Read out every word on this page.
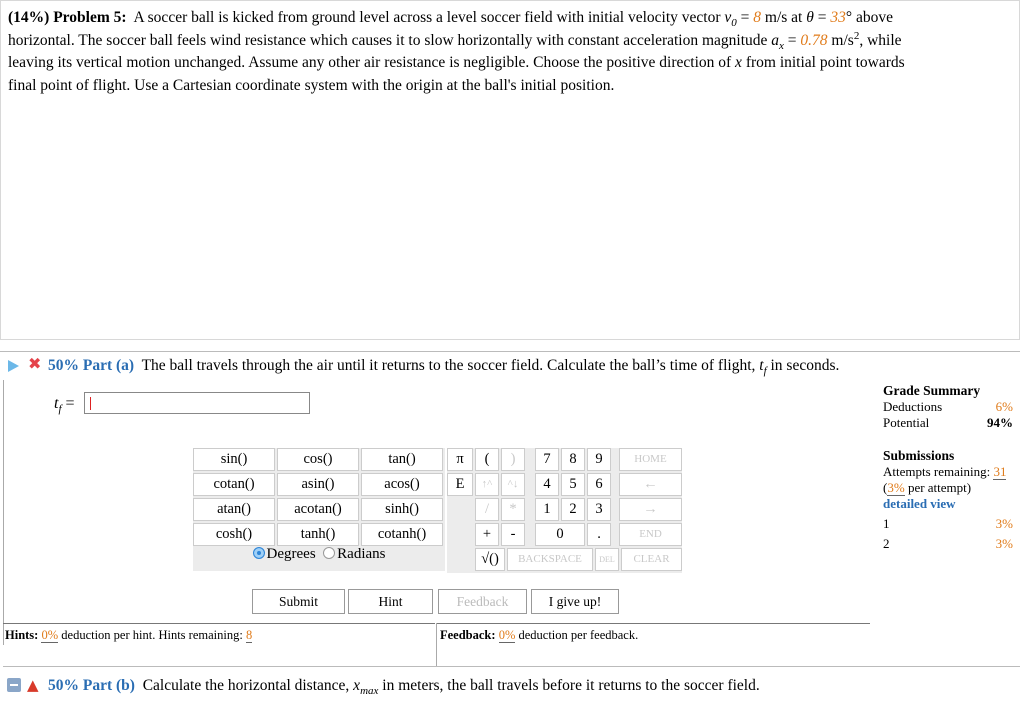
(14%) Problem 5: A soccer ball is kicked from ground level across a level soccer field with initial velocity vector $v_0 = 8$ m/s at θ = 33° above horizontal. The soccer ball feels wind resistance which causes it to slow horizontally with constant acceleration magnitude $a_x = 0.78$ $m/s^2$, while leaving its vertical motion unchanged. Assume any other air resistance is negligible. Choose the positive direction of x from initial point towards final point of flight. Use a Cartesian coordinate system with the origin at the ball's initial position.
✖ 50% Part (a) The ball travels through the air until it returns to the soccer field. Calculate the ball’s time of flight, $t_f$ in seconds.
$t_f$ =
Grade Summary
Deductions	6%
Potential	94%
Submissions
Attempts remaining: 31
(3% per attempt)
detailed view
1	3%
2	3%
sin()	cos()	tan()
cotan()	asin()	acos()
atan()	acotan()	sinh()
cosh()	tanh()	cotanh()
Degrees Radians
π	(	)	7	8	9	HOME
E	↑^	^↓	4	5	6	←
/	*	1	2	3	→
+	-	0	.	END
√()	BACKSPACE	DEL	CLEAR
Submit	Hint	Feedback	I give up!
Hints: 0% deduction per hint. Hints remaining: 8	Feedback: 0% deduction per feedback.
▲ 50% Part (b) Calculate the horizontal distance, $x_{max}$ in meters, the ball travels before it returns to the soccer field.
